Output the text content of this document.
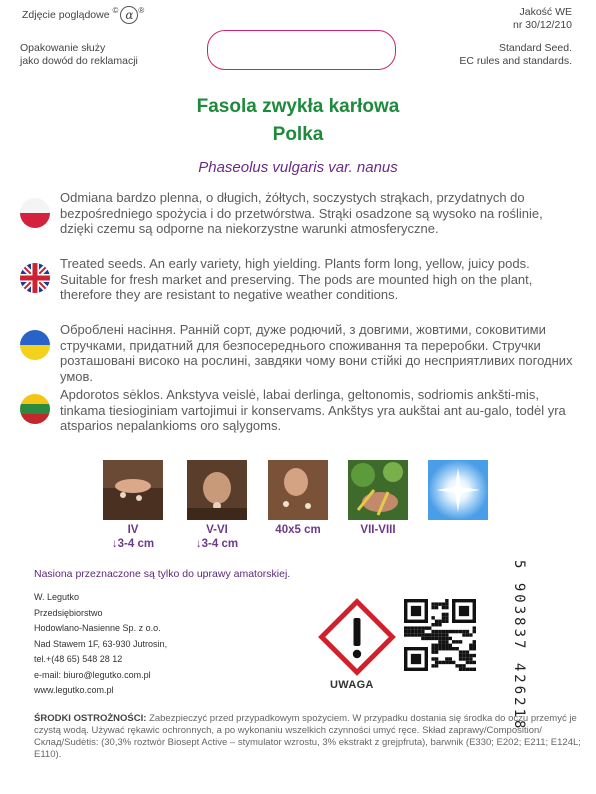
Zdjęcie poglądowe © α ®	Jakość WE
nr 30/12/210
Opakowanie służy
jako dowód do reklamacji
Standard Seed.
EC rules and standards.
Fasola zwykła karłowa
Polka
Phaseolus vulgaris var. nanus
Odmiana bardzo plenna, o długich, żółtych, soczystych strąkach, przydatnych do bezpośredniego spożycia i do przetwórstwa. Strąki osadzone są wysoko na roślinie, dzięki czemu są odporne na niekorzystne warunki atmosferyczne.
Treated seeds. An early variety, high yielding. Plants form long, yellow, juicy pods. Suitable for fresh market and preserving. The pods are mounted high on the plant, therefore they are resistant to negative weather conditions.
Оброблені насіння. Ранній сорт, дуже родючий, з довгими, жовтими, соковитими стручками, придатний для безпосереднього споживання та переробки. Стручки розташовані високо на рослині, завдяки чому вони стійкі до несприятливих погодних умов.
Apdorotos sėklos. Ankstyva veislė, labai derlinga, geltonomis, sodriomis ankšti-mis, tinkama tiesioginiam vartojimui ir konservams. Ankštys yra aukštai ant au-galo, todėl yra atsparios nepalankioms oro sąlygoms.
IV
↓3-4 cm
V-VI
↓3-4 cm
40x5 cm	VII-VIII
Nasiona przeznaczone są tylko do uprawy amatorskiej.
W. Legutko
Przedsiębiorstwo
Hodowlano-Nasienne Sp. z o.o.
Nad Stawem 1F, 63-930 Jutrosin,
tel.+(48 65) 548 28 12
e-mail: biuro@legutko.com.pl
www.legutko.com.pl	UWAGA	5 903837 426218
ŚRODKI OSTROŻNOŚCI: Zabezpieczyć przed przypadkowym spożyciem. W przypadku dostania się środka do oczu przemyć je czystą wodą. Używać rękawic ochronnych, a po wykonaniu wszelkich czynności umyć ręce. Skład zaprawy/Composition/Склад/Sudėtis: (30,3% roztwór Biosept Active – stymulator wzrostu, 3% ekstrakt z grejpfruta), barwnik (E330; E202; E211; E124L; E110).
